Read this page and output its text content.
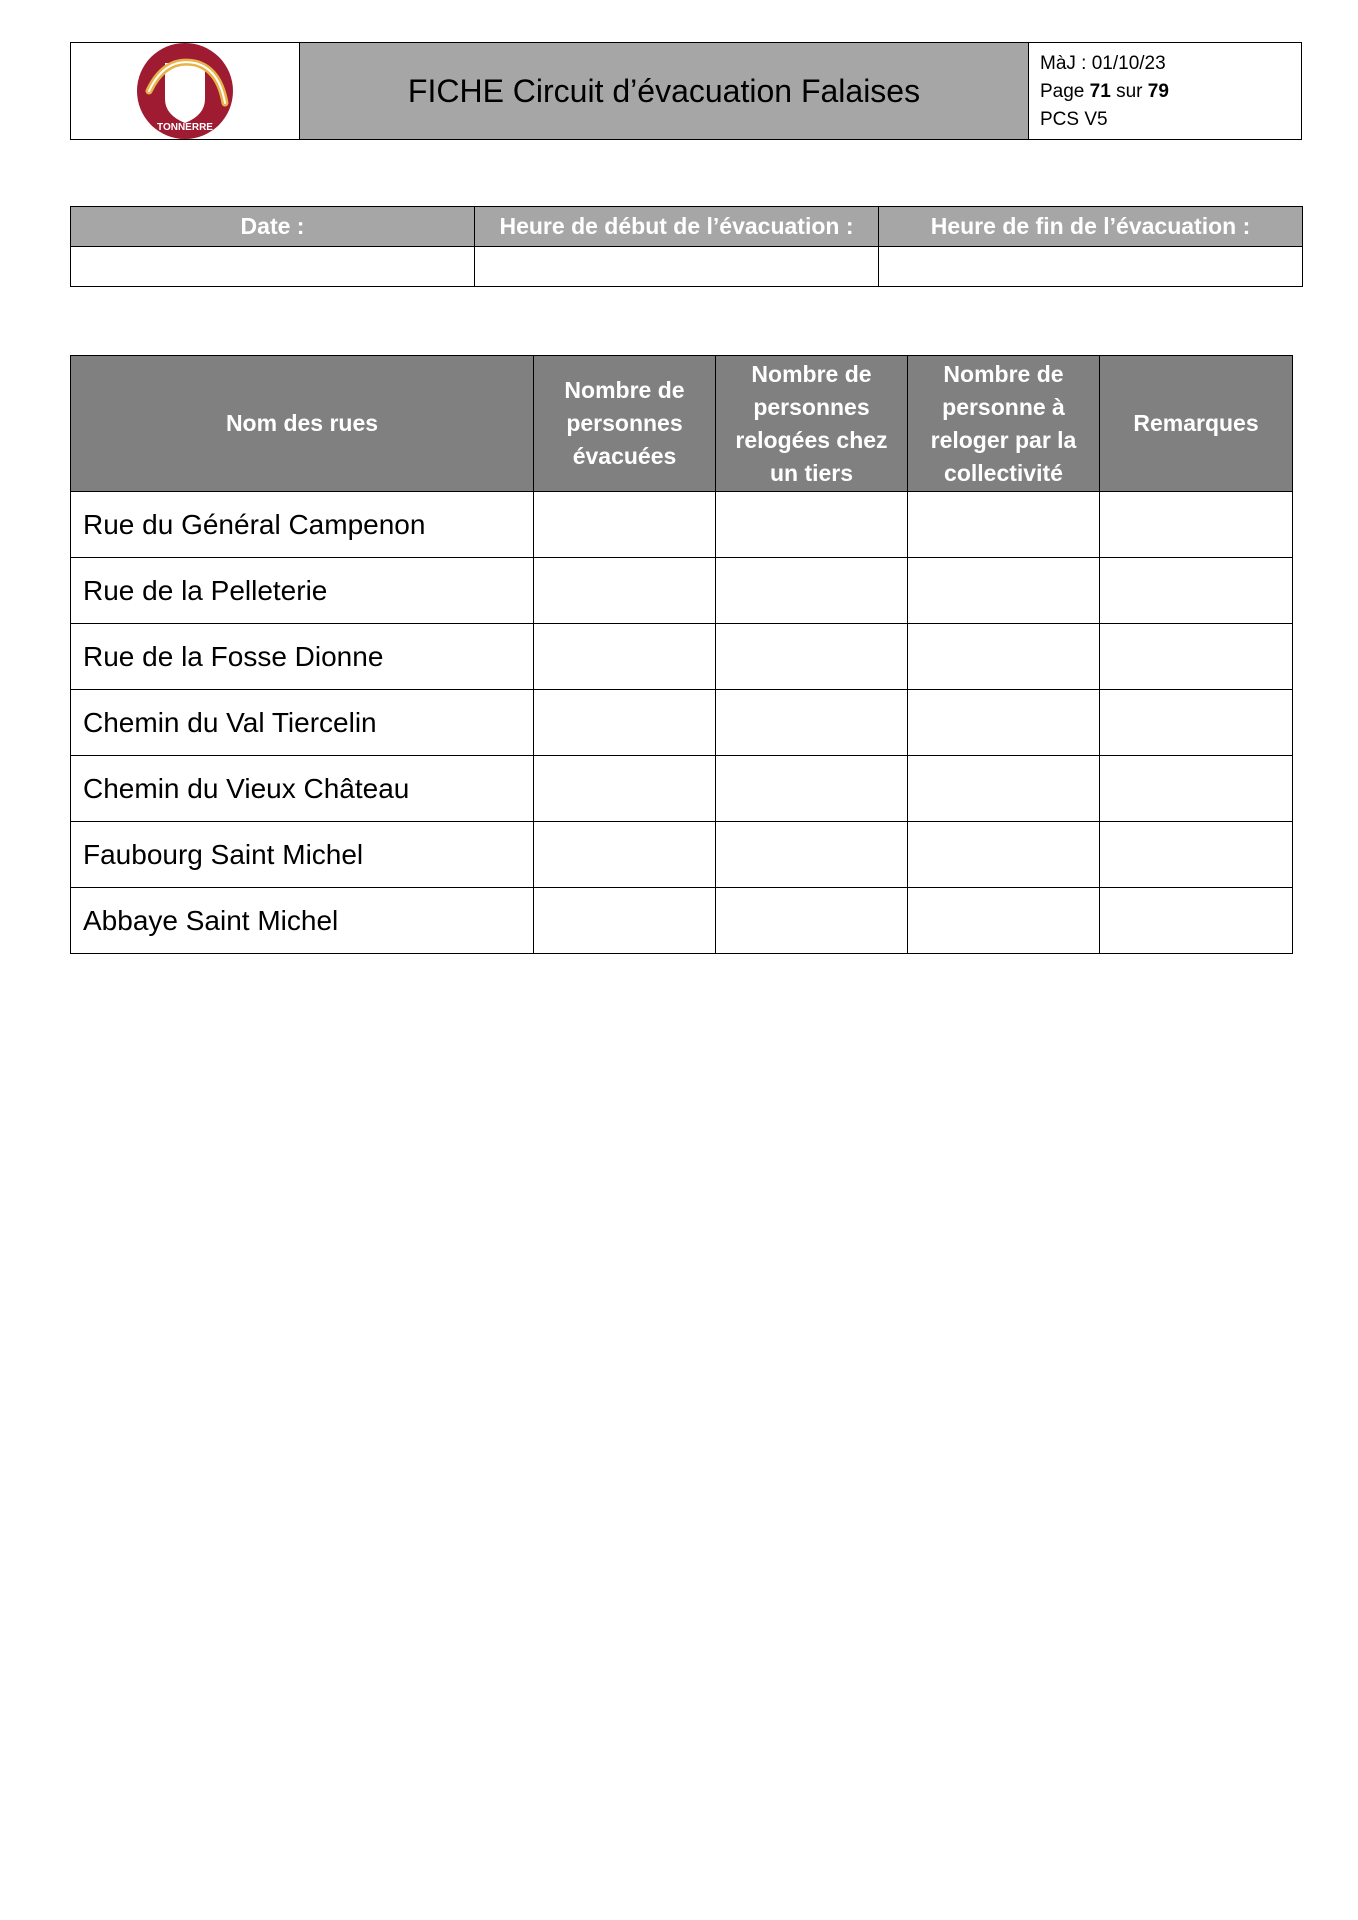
TONNERRE
FICHE Circuit d’évacuation Falaises
MàJ : 01/10/23
Page 71 sur 79
PCS V5
Date :	Heure de début de l’évacuation :	Heure de fin de l’évacuation :

Nom des rues	Nombre de personnes évacuées	Nombre de personnes relogées chez un tiers	Nombre de personne à reloger par la collectivité	Remarques
Rue du Général Campenon				
Rue de la Pelleterie				
Rue de la Fosse Dionne				
Chemin du Val Tiercelin				
Chemin du Vieux Château				
Faubourg Saint Michel				
Abbaye Saint Michel				
